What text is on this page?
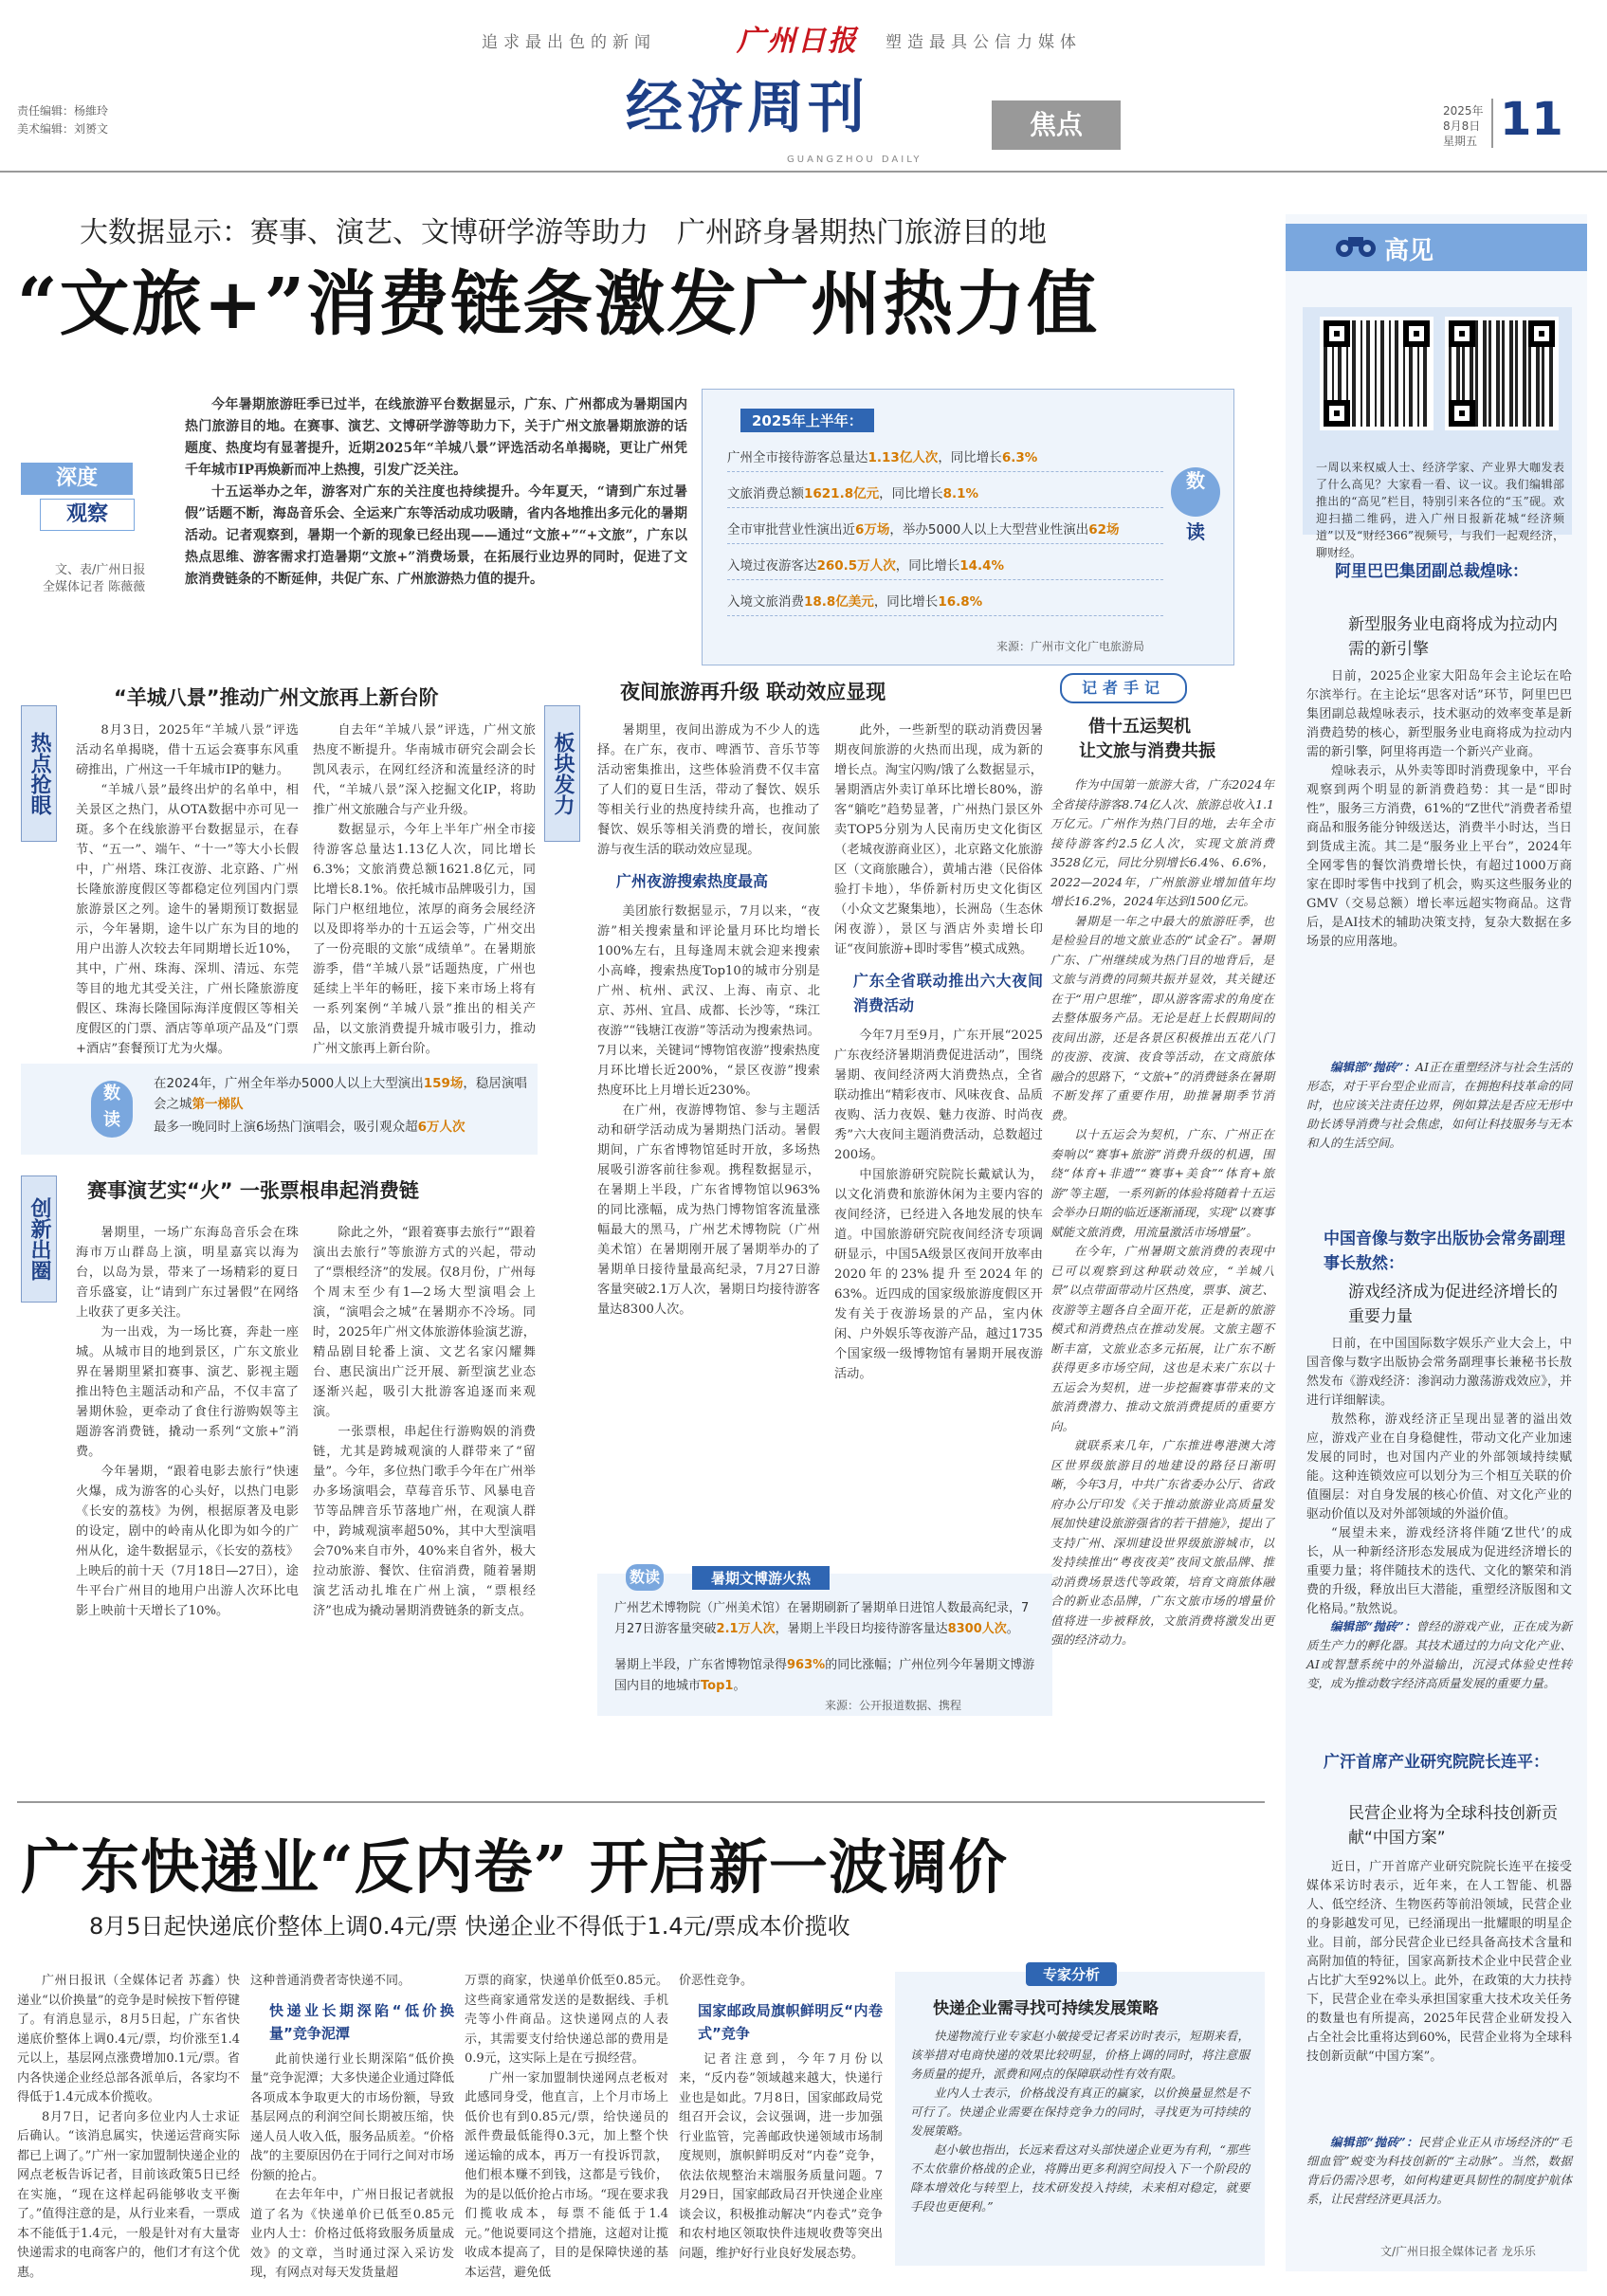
追求最出色的新闻	广州日报 塑造最具公信力媒体
责任编辑：杨維玲
美术编辑：刘赟文	经济周刊	焦点
GUANGZHOU DAILY
2025年
8月8日
星期五 11
大数据显示：赛事、演艺、文博研学游等助力　广州跻身暑期热门旅游目的地
“文旅+”消费链条激发广州热力值
深度
观察
文、表/广州日报
全媒体记者 陈薇薇

今年暑期旅游旺季已过半，在线旅游平台数据显示，广东、广州都成为暑期国内热门旅游目的地。在赛事、演艺、文博研学游等助力下，关于广州文旅暑期旅游的话题度、热度均有显著提升，近期2025年“羊城八景”评选活动名单揭晓，更让广州凭千年城市IP再焕新而冲上热搜，引发广泛关注。

十五运举办之年，游客对广东的关注度也持续提升。今年夏天，“请到广东过暑假”话题不断，海岛音乐会、全运来广东等活动成功吸睛，省内各地推出多元化的暑期活动。记者观察到，暑期一个新的现象已经出现——通过“文旅+”“+文旅”，广东以热点思维、游客需求打造暑期“文旅+”消费场景，在拓展行业边界的同时，促进了文旅消费链条的不断延伸，共促广东、广州旅游热力值的提升。

2025年上半年：
数
读
广州全市接待游客总量达1.13亿人次，同比增长6.3%
文旅消费总额1621.8亿元，同比增长8.1%
全市审批营业性演出近6万场，举办5000人以上大型营业性演出62场
入境过夜游客达260.5万人次，同比增长14.4%
入境文旅消费18.8亿美元，同比增长16.8%
来源：广州市文化广电旅游局
热点抢眼
“羊城八景”推动广州文旅再上新台阶

8月3日，2025年“羊城八景”评选活动名单揭晓，借十五运会赛事东风重磅推出，广州这一千年城市IP的魅力。

“羊城八景”最终出炉的名单中，相关景区之热门，从OTA数据中亦可见一斑。多个在线旅游平台数据显示，在春节、“五一”、端午、“十一”等大小长假中，广州塔、珠江夜游、北京路、广州长隆旅游度假区等都稳定位列国内门票旅游景区之列。途牛的暑期预订数据显示，今年暑期，途牛以广东为目的地的用户出游人次较去年同期增长近10%，其中，广州、珠海、深圳、清远、东莞等目的地尤其受关注，广州长隆旅游度假区、珠海长隆国际海洋度假区等相关度假区的门票、酒店等单项产品及“门票+酒店”套餐预订尤为火爆。

自去年“羊城八景”评选，广州文旅热度不断提升。华南城市研究会副会长凯风表示，在网红经济和流量经济的时代，“羊城八景”深入挖掘文化IP，将助推广州文旅融合与产业升级。

数据显示，今年上半年广州全市接待游客总量达1.13亿人次，同比增长6.3%；文旅消费总额1621.8亿元，同比增长8.1%。依托城市品牌吸引力，国际门户枢纽地位，浓厚的商务会展经济以及即将举办的十五运会等，广州交出了一份亮眼的文旅“成绩单”。在暑期旅游季，借“羊城八景”话题热度，广州也延续上半年的畅旺，接下来市场上将有一系列案例“羊城八景”推出的相关产品，以文旅消费提升城市吸引力，推动广州文旅再上新台阶。

数
读
在2024年，广州全年举办5000人以上大型演出159场，稳居演唱会之城第一梯队
最多一晚同时上演6场热门演唱会，吸引观众超6万人次
创新出圈
赛事演艺实“火” 一张票根串起消费链

暑期里，一场广东海岛音乐会在珠海市万山群岛上演，明星嘉宾以海为台，以岛为景，带来了一场精彩的夏日音乐盛宴，让“请到广东过暑假”在网络上收获了更多关注。

为一出戏，为一场比赛，奔赴一座城。从城市目的地到景区，广东文旅业界在暑期里紧扣赛事、演艺、影视主题推出特色主题活动和产品，不仅丰富了暑期休验，更牵动了食住行游购娱等主题游客消费链，撬动一系列“文旅+”消费。

今年暑期，“跟着电影去旅行”快速火爆，成为游客的心头好，以热门电影《长安的荔枝》为例，根据原著及电影的设定，剧中的岭南从化即为如今的广州从化，途牛数据显示，《长安的荔枝》上映后的前十天（7月18日—27日），途牛平台广州目的地用户出游人次环比电影上映前十天增长了10%。

除此之外，“跟着赛事去旅行”“跟着演出去旅行”等旅游方式的兴起，带动了“票根经济”的发展。仅8月份，广州每个周末至少有1—2场大型演唱会上演，“演唱会之城”在暑期亦不冷场。同时，2025年广州文体旅游体验演艺游，精品剧目轮番上演、文艺名家闪耀舞台、惠民演出广泛开展、新型演艺业态逐渐兴起，吸引大批游客追逐而来观演。

一张票根，串起住行游购娱的消费链，尤其是跨城观演的人群带来了“留量”。今年，多位热门歌手今年在广州举办多场演唱会，草莓音乐节、风暴电音节等品牌音乐节落地广州，在观演人群中，跨城观演率超50%，其中大型演唱会70%来自市外，40%来自省外，极大拉动旅游、餐饮、住宿消费，随着暑期演艺活动扎堆在广州上演，“票根经济”也成为撬动暑期消费链条的新支点。

板块发力
夜间旅游再升级 联动效应显现

暑期里，夜间出游成为不少人的选择。在广东，夜市、啤酒节、音乐节等活动密集推出，这些体验消费不仅丰富了人们的夏日生活，带动了餐饮、娱乐等相关行业的热度持续升高，也推动了餐饮、娱乐等相关消费的增长，夜间旅游与夜生活的联动效应显现。

广州夜游搜索热度最高

美团旅行数据显示，7月以来，“夜游”相关搜索量和评论量月环比均增长100%左右，且每逢周末就会迎来搜索小高峰，搜索热度Top10的城市分别是广州、杭州、武汉、上海、南京、北京、苏州、宜昌、成都、长沙等，“珠江夜游”“钱塘江夜游”等活动为搜索热词。7月以来，关键词“博物馆夜游”搜索热度月环比增长近200%，“景区夜游”搜索热度环比上月增长近230%。

在广州，夜游博物馆、参与主题活动和研学活动成为暑期热门活动。暑假期间，广东省博物馆延时开放，多场热展吸引游客前往参观。携程数据显示，在暑期上半段，广东省博物馆以963%的同比涨幅，成为热门博物馆客流量涨幅最大的黑马，广州艺术博物院（广州美术馆）在暑期刚开展了暑期举办的了暑期单日接待量最高纪录，7月27日游客量突破2.1万人次，暑期日均接待游客量达8300人次。

此外，一些新型的联动消费因暑期夜间旅游的火热而出现，成为新的增长点。淘宝闪购/饿了么数据显示，暑期酒店外卖订单环比增长80%，游客“躺吃”趋势显著，广州热门景区外卖TOP5分别为人民南历史文化街区（老城夜游商业区），北京路文化旅游区（文商旅融合），黄埔古港（民俗体验打卡地），华侨新村历史文化街区（小众文艺聚集地），长洲岛（生态休闲夜游），景区与酒店外卖增长印证“夜间旅游+即时零售”模式成熟。

广东全省联动推出六大夜间消费活动

今年7月至9月，广东开展“2025广东夜经济暑期消费促进活动”，围绕暑期、夜间经济两大消费热点，全省联动推出“精彩夜市、风味夜食、品质夜购、活力夜娱、魅力夜游、时尚夜秀”六大夜间主题消费活动，总数超过200场。

中国旅游研究院院长戴斌认为，以文化消费和旅游休闲为主要内容的夜间经济，已经进入各地发展的快车道。中国旅游研究院夜间经济专项调研显示，中国5A级景区夜间开放率由2020年的23%提升至2024年的63%。近四成的国家级旅游度假区开发有关于夜游场景的产品，室内休闲、户外娱乐等夜游产品，越过1735个国家级一级博物馆有暑期开展夜游活动。

数读	暑期文博游火热
广州艺术博物院（广州美术馆）在暑期刷新了暑期单日进馆人数最高纪录，7月27日游客量突破2.1万人次，暑期上半段日均接待游客量达8300人次。
暑期上半段，广东省博物馆录得963%的同比涨幅；广州位列今年暑期文博游国内目的地城市Top1。
来源：公开报道数据、携程
记者手记
借十五运契机
让文旅与消费共振

作为中国第一旅游大省，广东2024年全省接待游客8.74亿人次、旅游总收入1.1万亿元。广州作为热门目的地，去年全市接待游客约2.5亿人次，实现文旅消费3528亿元，同比分别增长6.4%、6.6%，2022—2024年，广州旅游业增加值年均增长16.2%，2024年达到1500亿元。

暑期是一年之中最大的旅游旺季，也是检验目的地文旅业态的“试金石”。暑期广东、广州继续成为热门目的地背后，是文旅与消费的同频共振并显效，其关键还在于“用户思维”，即从游客需求的角度在去整体服务产品。无论是赶上长假期间的夜间出游，还是各景区积极推出五花八门的夜游、夜演、夜食等活动，在文商旅体融合的思路下，“文旅+”的消费链条在暑期不断发挥了重要作用，助推暑期季节消费。

以十五运会为契机，广东、广州正在奏响以“赛事+旅游”消费升级的机遇，围绕“体育+非遗”“赛事+美食”“体育+旅游”等主题，一系列新的体验将随着十五运会举办日期的临近逐渐涌现，实现“以赛事赋能文旅消费，用流量激活市场增量”。

在今年，广州暑期文旅消费的表现中已可以观察到这种联动效应，“羊城八景”以点带面带动片区热度，票事、演艺、夜游等主题各自全面开花，正是新的旅游模式和消费热点在推动发展。文旅主题不断丰富，文旅业态多元拓展，让广东不断获得更多市场空间，这也是未来广东以十五运会为契机，进一步挖掘赛事带来的文旅消费潜力、推动文旅消费提质的重要方向。

就联系来几年，广东推进粤港澳大湾区世界级旅游目的地建设的路径日渐明晰，今年3月，中共广东省委办公厅、省政府办公厅印发《关于推动旅游业高质量发展加快建设旅游强省的若干措施》，提出了支持广州、深圳建设世界级旅游城市，以发持续推出“粤夜夜美”夜间文旅品牌、推动消费场景迭代等政策，培育文商旅体融合的新业态品牌，广东文旅市场的增量价值将进一步被释放，文旅消费将激发出更强的经济动力。

高见
一周以来权威人士、经济学家、产业界大咖发表了什么高见？大家看一看、议一议。我们编辑部推出的“高见”栏目，特别引来各位的“玉”砚。欢迎扫描二维码，进入广州日报新花城“经济频道”以及“财经366”视频号，与我们一起观经济，聊财经。
阿里巴巴集团副总裁煌咏：
新型服务业电商将成为拉动内需的新引擎

日前，2025企业家大阳岛年会主论坛在哈尔滨举行。在主论坛“思客对话”环节，阿里巴巴集团副总裁煌咏表示，技术驱动的效率变革是新消费趋势的核心，新型服务业电商将成为拉动内需的新引擎，阿里将再造一个新兴产业商。

煌咏表示，从外卖等即时消费现象中，平台观察到两个明显的新消费趋势：其一是“即时性”，服务三方消费，61%的“Z世代”消费者希望商品和服务能分钟级送达，消费半小时达，当日到货成主流。其二是“服务业上平台”，2024年全网零售的餐饮消费增长快，有超过1000万商家在即时零售中找到了机会，购买这些服务业的GMV（交易总额）增长率远超实物商品。这背后，是AI技术的辅助决策支持，复杂大数据在多场景的应用落地。

编辑部“抛砖”：AI正在重塑经济与社会生活的形态，对于平台型企业而言，在拥抱科技革命的同时，也应该关注责任边界，例如算法是否应无形中助长诱导消费与社会焦虑，如何让科技服务与无本和人的生活空间。

中国音像与数字出版协会常务副理事长敖然：
游戏经济成为促进经济增长的重要力量

日前，在中国国际数字娱乐产业大会上，中国音像与数字出版协会常务副理事长兼秘书长敖然发布《游戏经济：渗润动力激荡游戏效应》，并进行详细解读。

敖然称，游戏经济正呈现出显著的溢出效应，游戏产业在自身稳健性，带动文化产业加速发展的同时，也对国内产业的外部领域持续赋能。这种连锁效应可以划分为三个相互关联的价值圈层：对自身发展的核心价值、对文化产业的驱动价值以及对外部领域的外溢价值。

“展望未来，游戏经济将伴随‘Z世代’的成长，从一种新经济形态发展成为促进经济增长的重要力量；将伴随技术的迭代、文化的繁荣和消费的升级，释放出巨大潜能，重塑经济版图和文化格局。”敖然说。

编辑部“抛砖”：曾经的游戏产业，正在成为新质生产力的孵化器。其技术通过的力向文化产业、AI或智慧系统中的外溢输出，沉浸式体验史性转变，成为推动数字经济高质量发展的重要力量。

广汗首席产业研究院院长连平：
民营企业将为全球科技创新贡献“中国方案”

近日，广开首席产业研究院院长连平在接受媒体采访时表示，近年来，在人工智能、机器人、低空经济、生物医药等前沿领域，民营企业的身影越发可见，已经涌现出一批耀眼的明星企业。目前，部分民营企业已经具备高技术含量和高附加值的特征，国家高新技术企业中民营企业占比扩大至92%以上。此外，在政策的大力扶持下，民营企业在牵头承担国家重大技术攻关任务的数量也有所提高，2025年民营企业研发投入占全社会比重将达到60%，民营企业将为全球科技创新贡献“中国方案”。

编辑部“抛砖”：民营企业正从市场经济的“毛细血管”蜕变为科技创新的“主动脉”。当然，数据背后仍需冷思考，如何构建更具韧性的制度护航体系，让民营经济更具活力。

文/广州日报全媒体记者 龙乐乐
广东快递业“反内卷” 开启新一波调价
8月5日起快递底价整体上调0.4元/票 快递企业不得低于1.4元/票成本价揽收

广州日报讯（全媒体记者 苏鑫）快递业“以价换量”的竞争是时候按下暂停键了。有消息显示，8月5日起，广东省快递底价整体上调0.4元/票，均价涨至1.4元以上，基层网点涨费增加0.1元/票。省内各快递企业经总部各派单后，各家均不得低于1.4元成本价揽收。

8月7日，记者向多位业内人士求证后确认。“该消息属实，快递运营商实际都已上调了。”广州一家加盟制快递企业的网点老板告诉记者，目前该政策5日已经在实施，“现在这样起码能够收支平衡了。”值得注意的是，从行业来看，一票成本不能低于1.4元，一般是针对有大量寄快递需求的电商客户的，他们才有这个优惠。

这种普通消费者寄快递不同。

快递业长期深陷“低价换量”竞争泥潭

此前快递行业长期深陷“低价换量”竞争泥潭；大多快递企业通过降低各项成本争取更大的市场份额，导致基层网点的利润空间长期被压缩，快递人员人收入低，服务品质差。“价格战”的主要原因仍在于同行之间对市场份额的抢占。

在去年年中，广州日报记者就报道了名为《快递单价已低至0.85元 业内人士：价格过低将致服务质量成效》的文章，当时通过深入采访发现，有网点对每天发货量超

万票的商家，快递单价低至0.85元。这些商家通常发送的是数据线、手机壳等小件商品。这快递网点的人表示，其需要支付给快递总部的费用是0.9元，这实际上是在亏损经营。

广州一家加盟制快递网点老板对此感同身受，他直言，上个月市场上低价也有到0.85元/票，给快递员的派件费最低能得0.3元，加上整个快递运输的成本，再万一有投诉罚款，他们根本赚不到钱，这都是亏钱价，为的是以低价抢占市场。“现在要求我们揽收成本，每票不能低于1.4元。”他说要同这个措施，这超对让揽收成本提高了，目的是保障快递的基本运营，避免低

价恶性竞争。

国家邮政局旗帜鲜明反“内卷式”竞争

记者注意到，今年7月份以来，“反内卷”领域越来越大，快递行业也是如此。7月8日，国家邮政局党组召开会议，会议强调，进一步加强行业监管，完善邮政快递领域市场制度规则，旗帜鲜明反对“内卷”竞争，依法依规整治末端服务质量问题。7月29日，国家邮政局召开快递企业座谈会议，积极推动解决“内卷式”竞争和农村地区领取快件违规收费等突出问题，维护好行业良好发展态势。

专家分析
快递企业需寻找可持续发展策略

快递物流行业专家赵小敏接受记者采访时表示，短期来看，该举措对电商快递的效果比较明显，价格上调的同时，将注意服务质量的提升，派费和网点的保障联动性有效有限。

业内人士表示，价格战没有真正的赢家，以价换量显然是不可行了。快递企业需要在保持竞争力的同时，寻找更为可持续的发展策略。

赵小敏也指出，长远来看这对头部快递企业更为有利，“那些不太依靠价格战的企业，将腾出更多利润空间投入下一个阶段的降本增效化与转型上，技术研发投入持续，未来相对稳定，就要手段也更便利。”
